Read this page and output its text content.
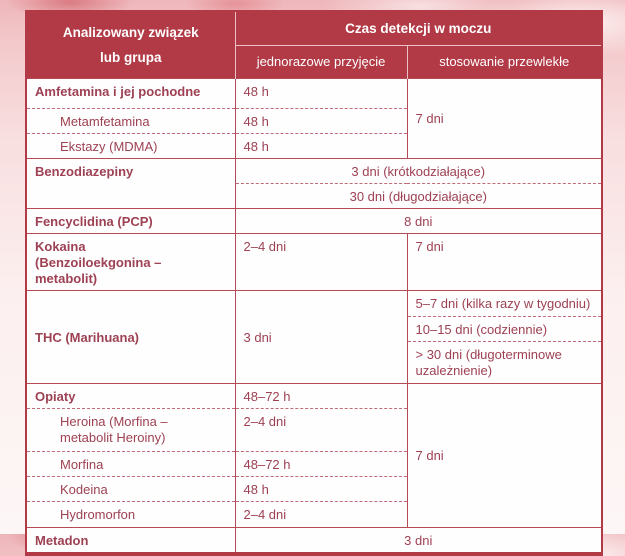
Analizowany związek
lub grupa	Czas detekcji w moczu	
	jednorazowe przyjęcie	stosowanie przewlekłe
Amfetamina i jej pochodne	48 h	7 dni
Metamfetamina	48 h	
Ekstazy (MDMA)	48 h	
Benzodiazepiny	3 dni (krótkodziałające)	
	30 dni (długodziałające)	
Fencyclidina (PCP)	8 dni	

Kokaina
(Benzoiloekgonina – metabolit)	2–4 dni	7 dni
THC (Marihuana)	3 dni	5–7 dni (kilka razy w tygodniu)
		10–15 dni (codziennie)
		> 30 dni (długoterminowe uzależnienie)
Opiaty	48–72 h	7 dni

Heroina (Morfina –
metabolit Heroiny)	2–4 dni	
Morfina	48–72 h	
Kodeina	48 h	
Hydromorfon	2–4 dni	
Metadon	3 dni	
